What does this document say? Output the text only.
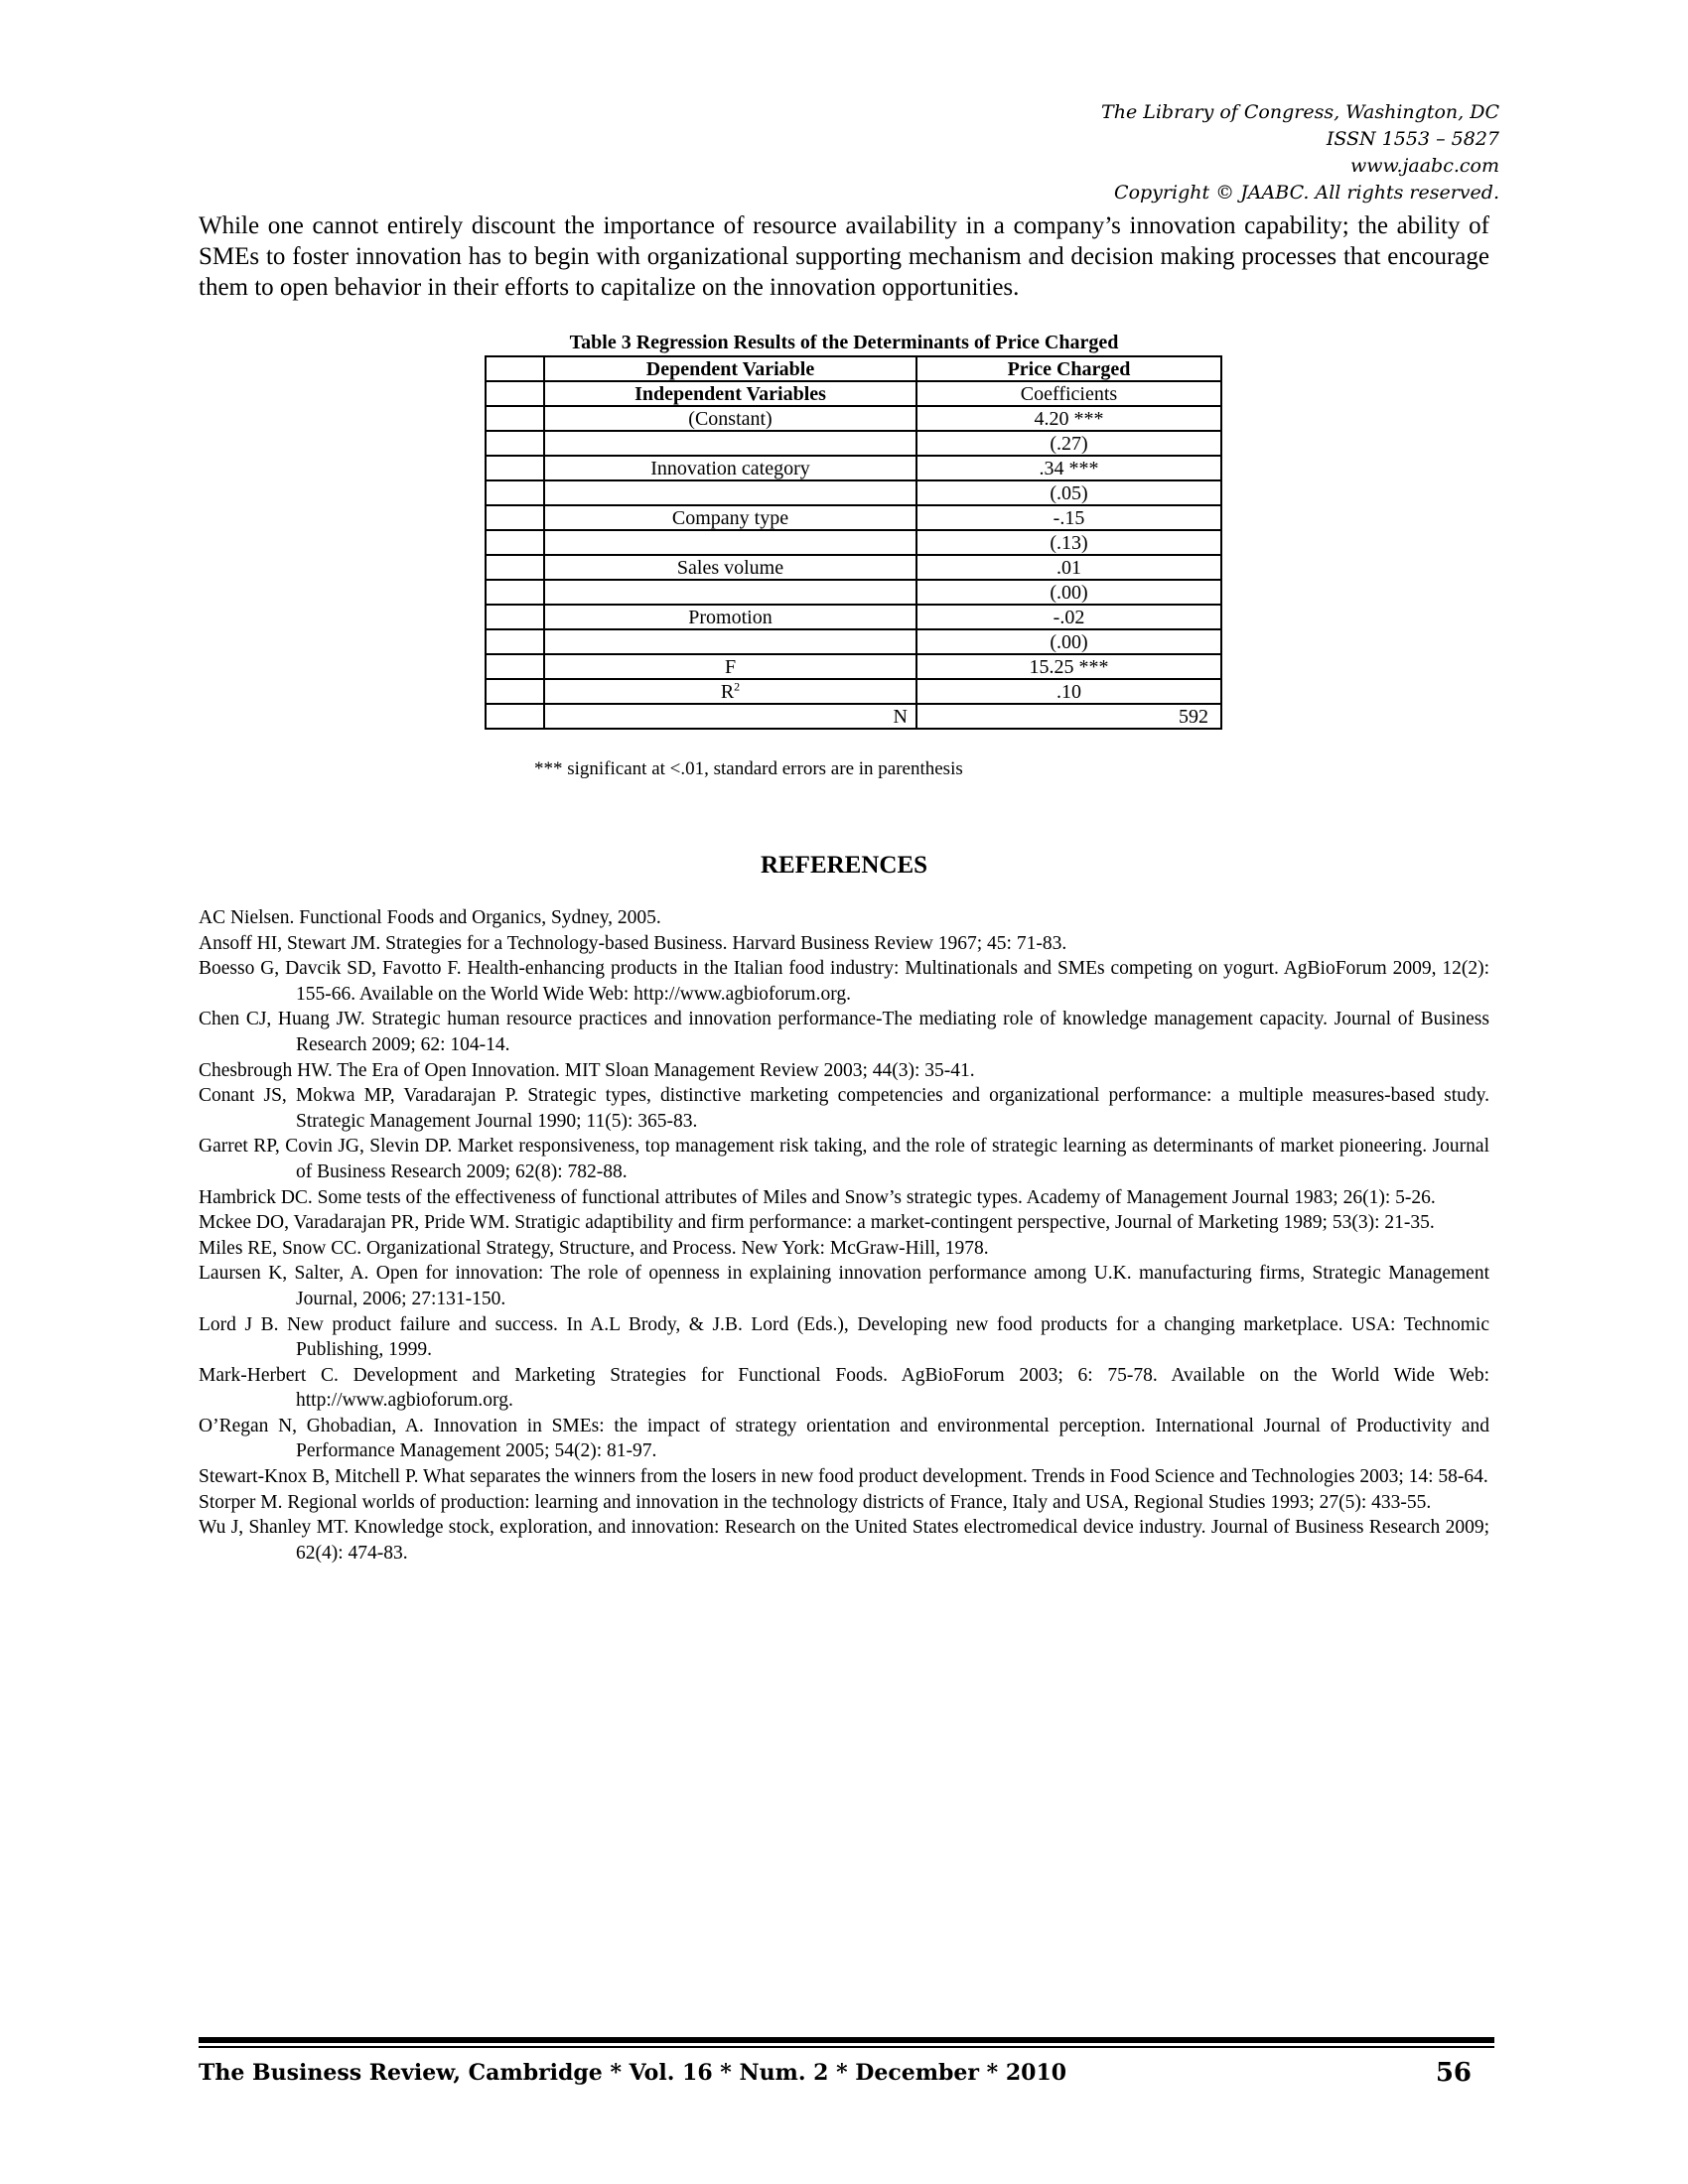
The Library of Congress, Washington, DC
ISSN 1553 – 5827
www.jaabc.com
Copyright © JAABC. All rights reserved.

While one cannot entirely discount the importance of resource availability in a company’s innovation capability; the ability of SMEs to foster innovation has to begin with organizational supporting mechanism and decision making processes that encourage them to open behavior in their efforts to capitalize on the innovation opportunities.

Table 3 Regression Results of the Determinants of Price Charged
	Dependent Variable	Price Charged
	Independent Variables	Coefficients
	(Constant)	4.20 ***
		(.27)
	Innovation category	.34 ***
		(.05)
	Company type	-.15
		(.13)
	Sales volume	.01
		(.00)
	Promotion	-.02
		(.00)
	F	15.25 ***
	$R^2$	.10
	N	592
*** significant at <.01, standard errors are in parenthesis
REFERENCES

AC Nielsen. Functional Foods and Organics, Sydney, 2005.

Ansoff HI, Stewart JM. Strategies for a Technology-based Business. Harvard Business Review 1967; 45: 71-83.

Boesso G, Davcik SD, Favotto F. Health-enhancing products in the Italian food industry: Multinationals and SMEs competing on yogurt. AgBioForum 2009, 12(2): 155-66. Available on the World Wide Web: http://www.agbioforum.org.

Chen CJ, Huang JW. Strategic human resource practices and innovation performance-The mediating role of knowledge management capacity. Journal of Business Research 2009; 62: 104-14.

Chesbrough HW. The Era of Open Innovation. MIT Sloan Management Review 2003; 44(3): 35-41.

Conant JS, Mokwa MP, Varadarajan P. Strategic types, distinctive marketing competencies and organizational performance: a multiple measures-based study. Strategic Management Journal 1990; 11(5): 365-83.

Garret RP, Covin JG, Slevin DP. Market responsiveness, top management risk taking, and the role of strategic learning as determinants of market pioneering. Journal of Business Research 2009; 62(8): 782-88.

Hambrick DC. Some tests of the effectiveness of functional attributes of Miles and Snow’s strategic types. Academy of Management Journal 1983; 26(1): 5-26.

Mckee DO, Varadarajan PR, Pride WM. Stratigic adaptibility and firm performance: a market-contingent perspective, Journal of Marketing 1989; 53(3): 21-35.

Miles RE, Snow CC. Organizational Strategy, Structure, and Process. New York: McGraw-Hill, 1978.

Laursen K, Salter, A. Open for innovation: The role of openness in explaining innovation performance among U.K. manufacturing firms, Strategic Management Journal, 2006; 27:131-150.

Lord J B. New product failure and success. In A.L Brody, & J.B. Lord (Eds.), Developing new food products for a changing marketplace. USA: Technomic Publishing, 1999.

Mark-Herbert C. Development and Marketing Strategies for Functional Foods. AgBioForum 2003; 6: 75-78. Available on the World Wide Web: http://www.agbioforum.org.

O’Regan N, Ghobadian, A. Innovation in SMEs: the impact of strategy orientation and environmental perception. International Journal of Productivity and Performance Management 2005; 54(2): 81-97.

Stewart-Knox B, Mitchell P. What separates the winners from the losers in new food product development. Trends in Food Science and Technologies 2003; 14: 58-64.

Storper M. Regional worlds of production: learning and innovation in the technology districts of France, Italy and USA, Regional Studies 1993; 27(5): 433-55.

Wu J, Shanley MT. Knowledge stock, exploration, and innovation: Research on the United States electromedical device industry. Journal of Business Research 2009; 62(4): 474-83.

The Business Review, Cambridge * Vol. 16 * Num. 2 * December * 2010	56
